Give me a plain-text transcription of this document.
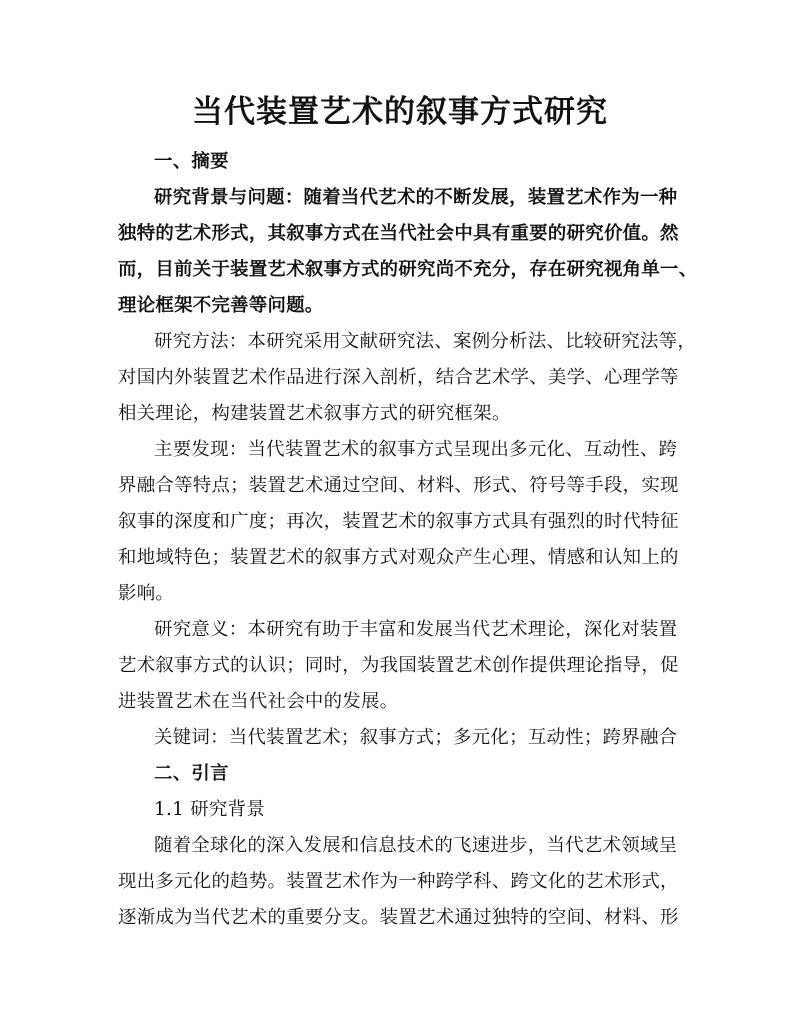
当代装置艺术的叙事方式研究
一、摘要
研究背景与问题：随着当代艺术的不断发展，装置艺术作为一种
独特的艺术形式，其叙事方式在当代社会中具有重要的研究价值。然
而，目前关于装置艺术叙事方式的研究尚不充分，存在研究视角单一、
理论框架不完善等问题。
研究方法：本研究采用文献研究法、案例分析法、比较研究法等，
对国内外装置艺术作品进行深入剖析，结合艺术学、美学、心理学等
相关理论，构建装置艺术叙事方式的研究框架。
主要发现：当代装置艺术的叙事方式呈现出多元化、互动性、跨
界融合等特点；装置艺术通过空间、材料、形式、符号等手段，实现
叙事的深度和广度；再次，装置艺术的叙事方式具有强烈的时代特征
和地域特色；装置艺术的叙事方式对观众产生心理、情感和认知上的
影响。
研究意义：本研究有助于丰富和发展当代艺术理论，深化对装置
艺术叙事方式的认识；同时，为我国装置艺术创作提供理论指导，促
进装置艺术在当代社会中的发展。
关键词：当代装置艺术；叙事方式；多元化；互动性；跨界融合
二、引言
1.1 研究背景
随着全球化的深入发展和信息技术的飞速进步，当代艺术领域呈
现出多元化的趋势。装置艺术作为一种跨学科、跨文化的艺术形式，
逐渐成为当代艺术的重要分支。装置艺术通过独特的空间、材料、形
